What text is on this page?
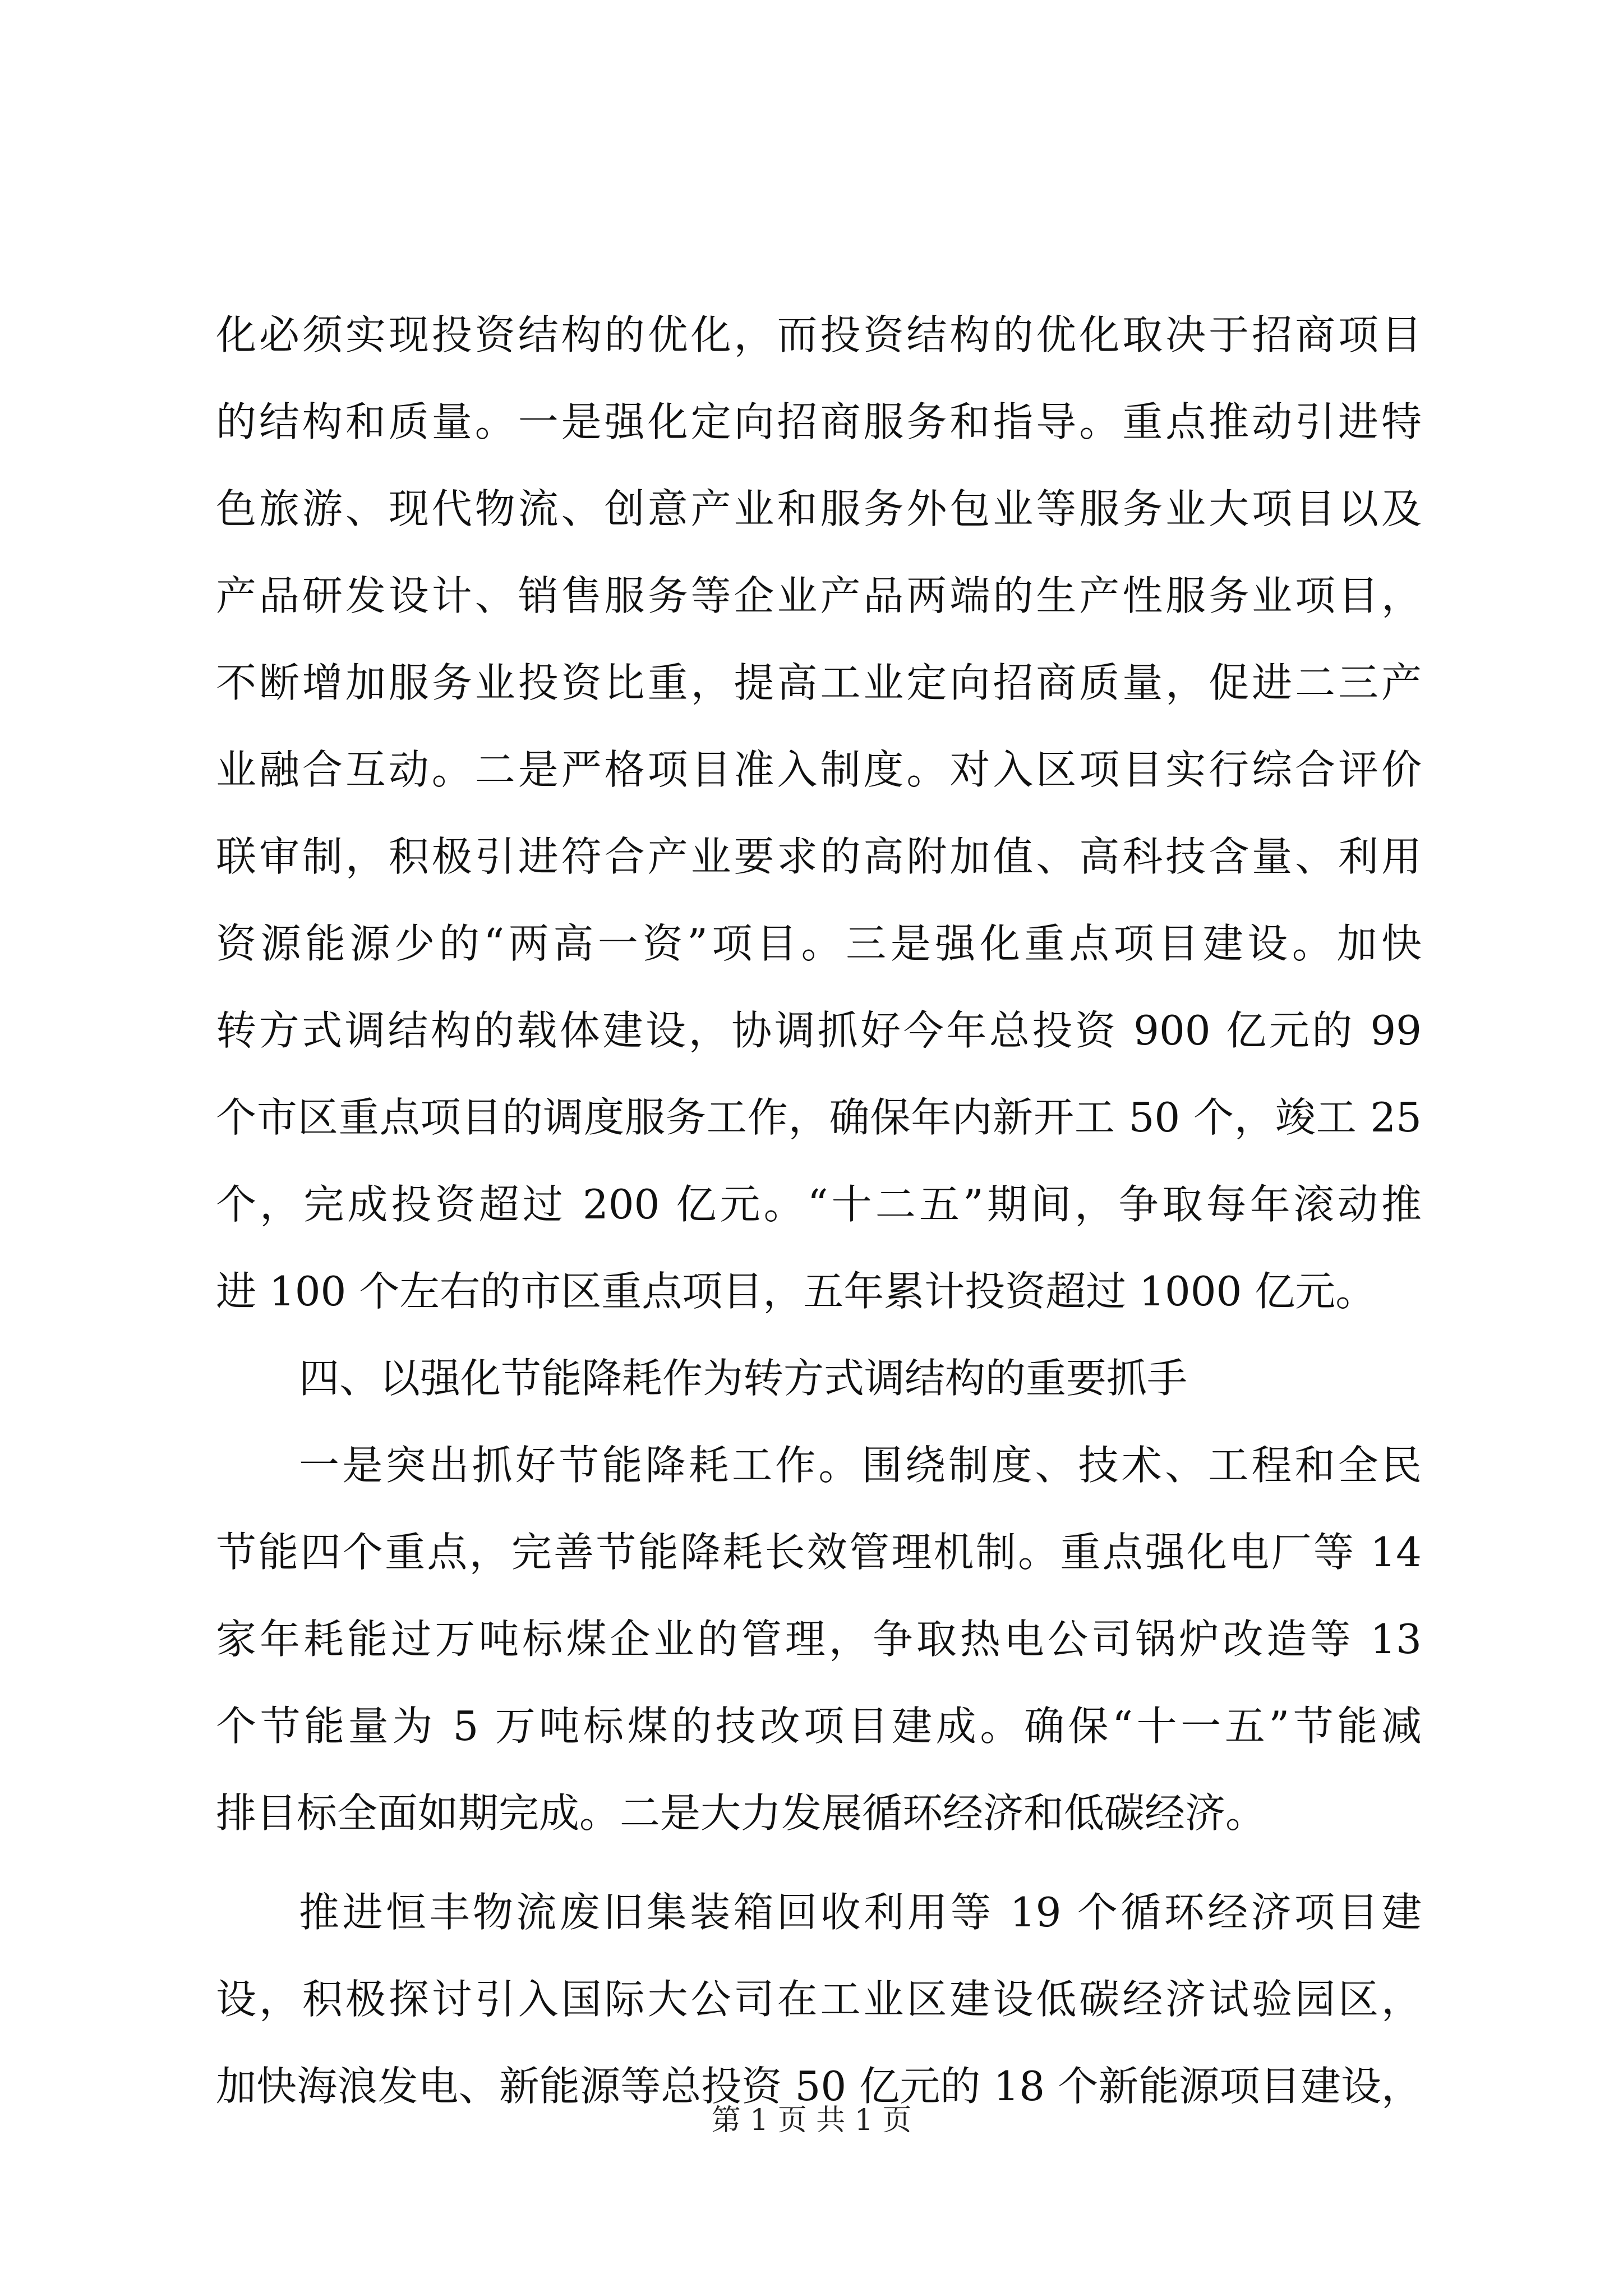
化必须实现投资结构的优化，而投资结构的优化取决于招商项目
的结构和质量。一是强化定向招商服务和指导。重点推动引进特
色旅游、现代物流、创意产业和服务外包业等服务业大项目以及
产品研发设计、销售服务等企业产品两端的生产性服务业项目，
不断增加服务业投资比重，提高工业定向招商质量，促进二三产
业融合互动。二是严格项目准入制度。对入区项目实行综合评价
联审制，积极引进符合产业要求的高附加值、高科技含量、利用
资源能源少的“两高一资”项目。三是强化重点项目建设。加快
转方式调结构的载体建设，协调抓好今年总投资 900 亿元的 99
个市区重点项目的调度服务工作，确保年内新开工 50 个，竣工 25
个，完成投资超过 200 亿元。“十二五”期间，争取每年滚动推
进 100 个左右的市区重点项目，五年累计投资超过 1000 亿元。
四、以强化节能降耗作为转方式调结构的重要抓手
一是突出抓好节能降耗工作。围绕制度、技术、工程和全民
节能四个重点，完善节能降耗长效管理机制。重点强化电厂等 14
家年耗能过万吨标煤企业的管理，争取热电公司锅炉改造等 13
个节能量为 5 万吨标煤的技改项目建成。确保“十一五”节能减
排目标全面如期完成。二是大力发展循环经济和低碳经济。
推进恒丰物流废旧集装箱回收利用等 19 个循环经济项目建
设，积极探讨引入国际大公司在工业区建设低碳经济试验园区，
加快海浪发电、新能源等总投资 50 亿元的 18 个新能源项目建设，
第 1 页 共 1 页
